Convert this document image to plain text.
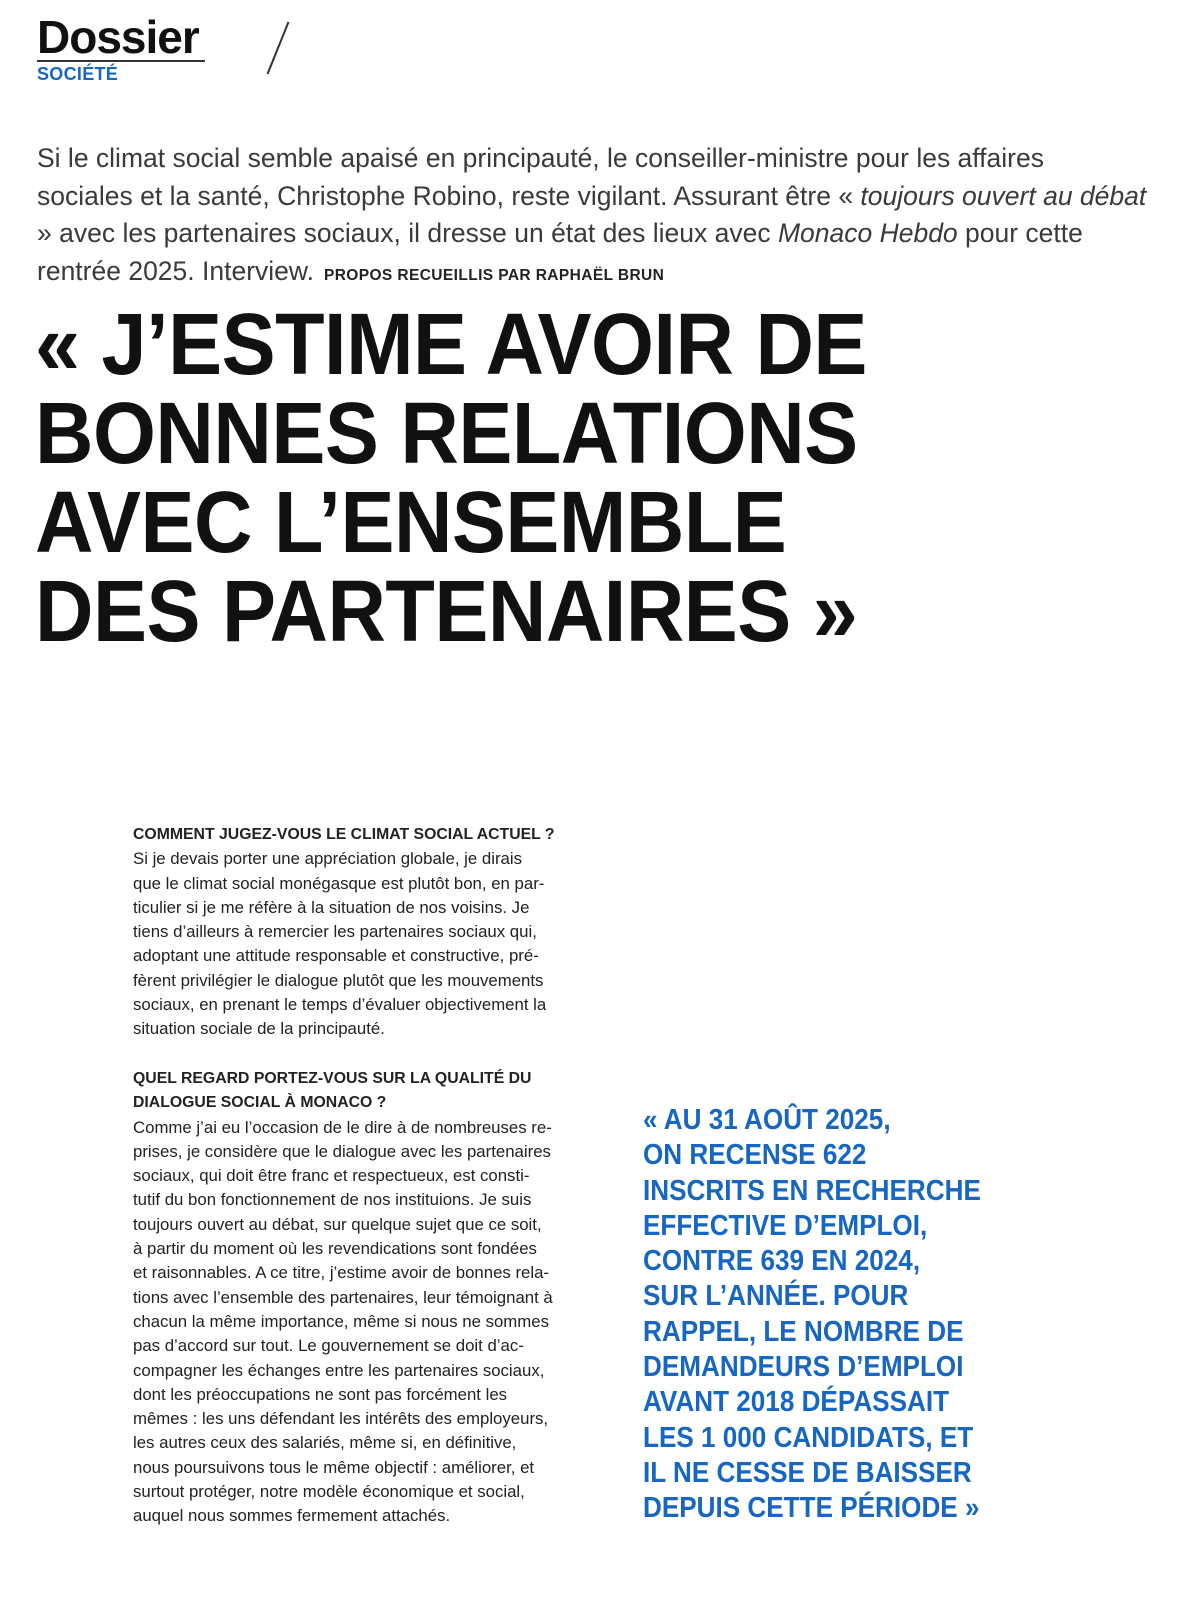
Dossier
SOCIÉTÉ
Si le climat social semble apaisé en principauté, le conseiller-ministre pour les affaires sociales et la santé, Christophe Robino, reste vigilant. Assurant être « toujours ouvert au débat » avec les partenaires sociaux, il dresse un état des lieux avec Monaco Hebdo pour cette rentrée 2025. Interview. PROPOS RECUEILLIS PAR RAPHAËL BRUN
« J’ESTIME AVOIR DE
BONNES RELATIONS
AVEC L’ENSEMBLE
DES PARTENAIRES »
COMMENT JUGEZ-VOUS LE CLIMAT SOCIAL ACTUEL ?
Si je devais porter une appréciation globale, je dirais
que le climat social monégasque est plutôt bon, en par-
ticulier si je me réfère à la situation de nos voisins. Je
tiens d’ailleurs à remercier les partenaires sociaux qui,
adoptant une attitude responsable et constructive, pré-
fèrent privilégier le dialogue plutôt que les mouvements
sociaux, en prenant le temps d’évaluer objectivement la
situation sociale de la principauté.
QUEL REGARD PORTEZ-VOUS SUR LA QUALITÉ DU
DIALOGUE SOCIAL À MONACO ?
Comme j’ai eu l’occasion de le dire à de nombreuses re-
prises, je considère que le dialogue avec les partenaires
sociaux, qui doit être franc et respectueux, est consti-
tutif du bon fonctionnement de nos instituions. Je suis
toujours ouvert au débat, sur quelque sujet que ce soit,
à partir du moment où les revendications sont fondées
et raisonnables. A ce titre, j’estime avoir de bonnes rela-
tions avec l’ensemble des partenaires, leur témoignant à
chacun la même importance, même si nous ne sommes
pas d’accord sur tout. Le gouvernement se doit d’ac-
compagner les échanges entre les partenaires sociaux,
dont les préoccupations ne sont pas forcément les
mêmes : les uns défendant les intérêts des employeurs,
les autres ceux des salariés, même si, en définitive,
nous poursuivons tous le même objectif : améliorer, et
surtout protéger, notre modèle économique et social,
auquel nous sommes fermement attachés.
« AU 31 AOÛT 2025,
ON RECENSE 622
INSCRITS EN RECHERCHE
EFFECTIVE D’EMPLOI,
CONTRE 639 EN 2024,
SUR L’ANNÉE. POUR
RAPPEL, LE NOMBRE DE
DEMANDEURS D’EMPLOI
AVANT 2018 DÉPASSAIT
LES 1 000 CANDIDATS, ET
IL NE CESSE DE BAISSER
DEPUIS CETTE PÉRIODE »
